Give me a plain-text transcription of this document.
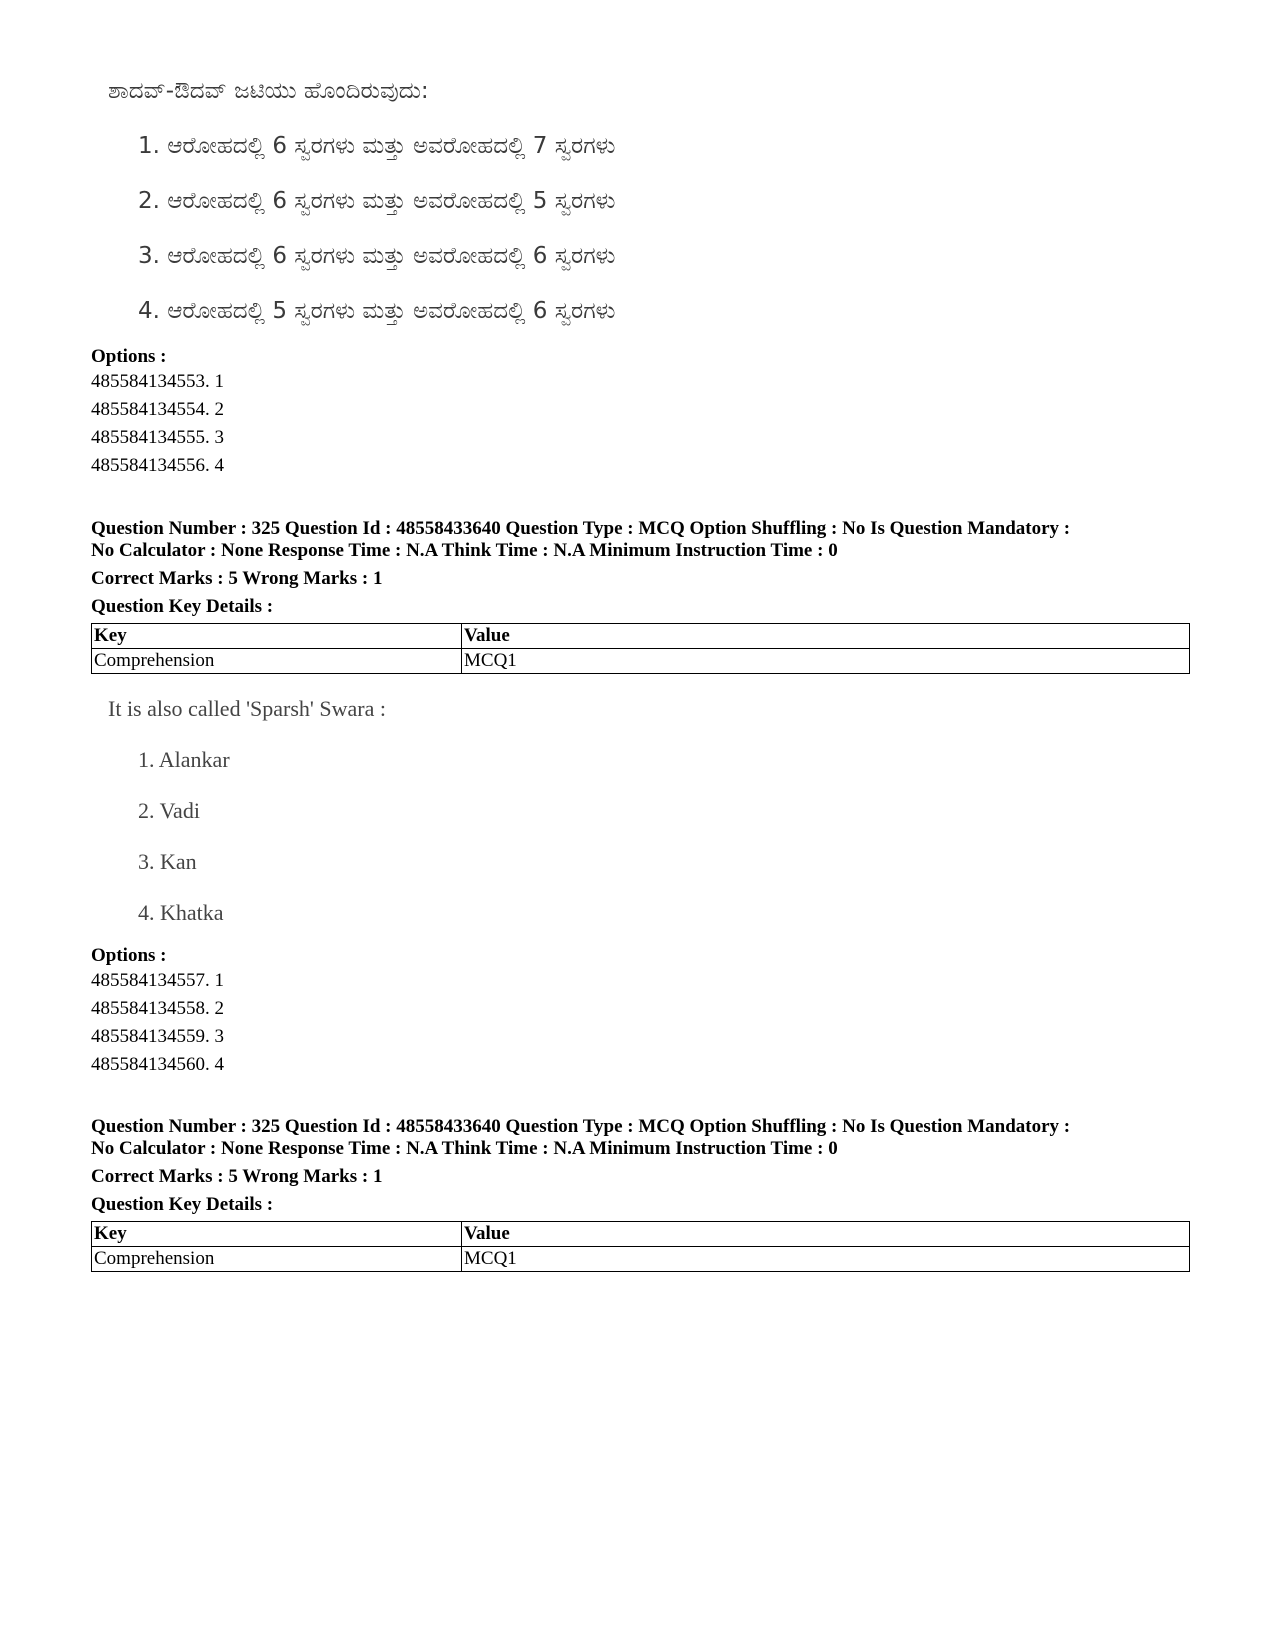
ಶಾದವ್-ಔದವ್ ಜಟಿಯು ಹೊಂದಿರುವುದು:
1. ಆರೋಹದಲ್ಲಿ 6 ಸ್ವರಗಳು ಮತ್ತು ಅವರೋಹದಲ್ಲಿ 7 ಸ್ವರಗಳು
2. ಆರೋಹದಲ್ಲಿ 6 ಸ್ವರಗಳು ಮತ್ತು ಅವರೋಹದಲ್ಲಿ 5 ಸ್ವರಗಳು
3. ಆರೋಹದಲ್ಲಿ 6 ಸ್ವರಗಳು ಮತ್ತು ಅವರೋಹದಲ್ಲಿ 6 ಸ್ವರಗಳು
4. ಆರೋಹದಲ್ಲಿ 5 ಸ್ವರಗಳು ಮತ್ತು ಅವರೋಹದಲ್ಲಿ 6 ಸ್ವರಗಳು
Options :
485584134553. 1
485584134554. 2
485584134555. 3
485584134556. 4
Question Number : 325 Question Id : 48558433640 Question Type : MCQ Option Shuffling : No Is Question Mandatory :
No Calculator : None Response Time : N.A Think Time : N.A Minimum Instruction Time : 0
Correct Marks : 5 Wrong Marks : 1
Question Key Details :
Key	Value
Comprehension	MCQ1
It is also called 'Sparsh' Swara :
1. Alankar
2. Vadi
3. Kan
4. Khatka
Options :
485584134557. 1
485584134558. 2
485584134559. 3
485584134560. 4
Question Number : 325 Question Id : 48558433640 Question Type : MCQ Option Shuffling : No Is Question Mandatory :
No Calculator : None Response Time : N.A Think Time : N.A Minimum Instruction Time : 0
Correct Marks : 5 Wrong Marks : 1
Question Key Details :
Key	Value
Comprehension	MCQ1
